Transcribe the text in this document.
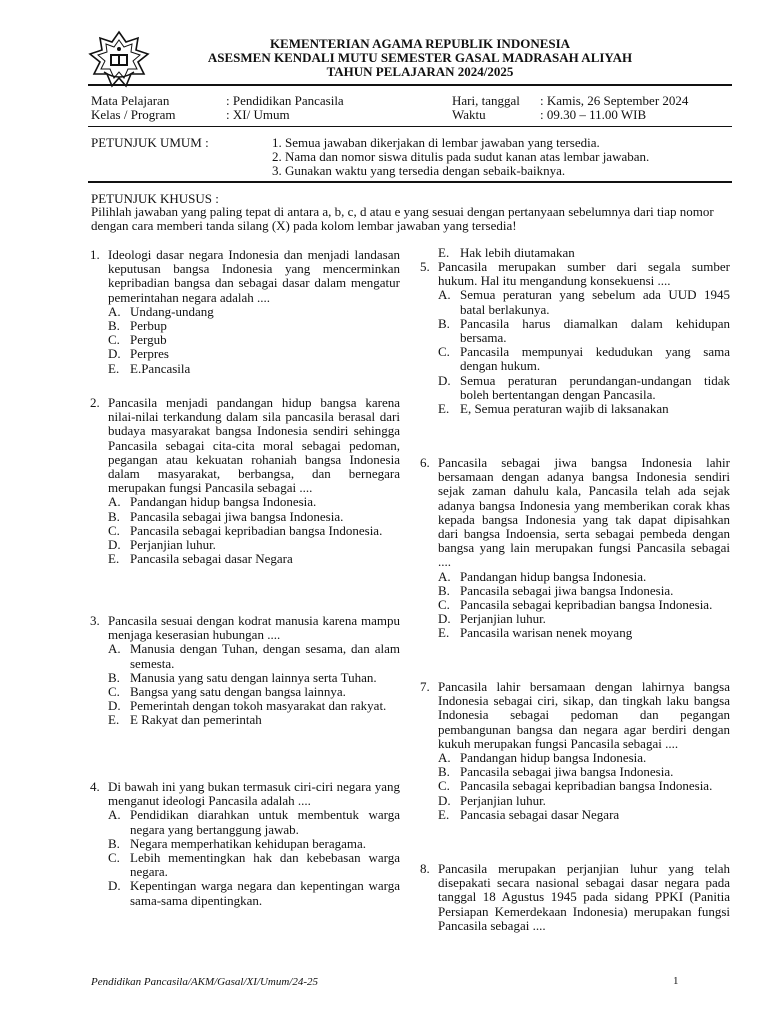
KEMENTERIAN AGAMA REPUBLIK INDONESIA
ASESMEN KENDALI MUTU SEMESTER GASAL MADRASAH ALIYAH
TAHUN PELAJARAN 2024/2025
Mata Pelajaran	: Pendidikan Pancasila
Kelas / Program	: XI/ Umum
Hari, tanggal : Kamis, 26 September 2024
Waktu	: 09.30 – 11.00 WIB
PETUNJUK UMUM :	1. Semua jawaban dikerjakan di lembar jawaban yang tersedia.
2. Nama dan nomor siswa ditulis pada sudut kanan atas lembar jawaban.
3. Gunakan waktu yang tersedia dengan sebaik-baiknya.
PETUNJUK KHUSUS :
Pilihlah jawaban yang paling tepat di antara a, b, c, d atau e yang sesuai dengan pertanyaan sebelumnya dari tiap nomor dengan cara memberi tanda silang (X) pada kolom lembar jawaban yang tersedia!
1. Ideologi dasar negara Indonesia dan menjadi landasan keputusan bangsa Indonesia yang mencerminkan kepribadian bangsa dan sebagai dasar dalam mengatur pemerintahan negara adalah ....
A. Undang-undang
B. Perbup
C. Pergub
D. Perpres
E. E.Pancasila
2. Pancasila menjadi pandangan hidup bangsa karena nilai-nilai terkandung dalam sila pancasila berasal dari budaya masyarakat bangsa Indonesia sendiri sehingga Pancasila sebagai cita-cita moral sebagai pedoman, pegangan atau kekuatan rohaniah bangsa Indonesia dalam masyarakat, berbangsa, dan bernegara merupakan fungsi Pancasila sebagai ....
A. Pandangan hidup bangsa Indonesia.
B. Pancasila sebagai jiwa bangsa Indonesia.
C. Pancasila sebagai kepribadian bangsa Indonesia.
D. Perjanjian luhur.
E. Pancasila sebagai dasar Negara
3. Pancasila sesuai dengan kodrat manusia karena mampu menjaga keserasian hubungan ....
A. Manusia dengan Tuhan, dengan sesama, dan alam semesta.
B. Manusia yang satu dengan lainnya serta Tuhan.
C. Bangsa yang satu dengan bangsa lainnya.
D. Pemerintah dengan tokoh masyarakat dan rakyat.
E. E Rakyat dan pemerintah
4. Di bawah ini yang bukan termasuk ciri-ciri negara yang menganut ideologi Pancasila adalah ....
A. Pendidikan diarahkan untuk membentuk warga negara yang bertanggung jawab.
B. Negara memperhatikan kehidupan beragama.
C. Lebih mementingkan hak dan kebebasan warga negara.
D. Kepentingan warga negara dan kepentingan warga sama-sama dipentingkan.
E. Hak lebih diutamakan
5. Pancasila merupakan sumber dari segala sumber hukum. Hal itu mengandung konsekuensi ....
A. Semua peraturan yang sebelum ada UUD 1945 batal berlakunya.
B. Pancasila harus diamalkan dalam kehidupan bersama.
C. Pancasila mempunyai kedudukan yang sama dengan hukum.
D. Semua peraturan perundangan-undangan tidak boleh bertentangan dengan Pancasila.
E. E, Semua peraturan wajib di laksanakan
6. Pancasila sebagai jiwa bangsa Indonesia lahir bersamaan dengan adanya bangsa Indonesia sendiri sejak zaman dahulu kala, Pancasila telah ada sejak adanya bangsa Indonesia yang memberikan corak khas kepada bangsa Indonesia yang tak dapat dipisahkan dari bangsa Indoensia, serta sebagai pembeda dengan bangsa yang lain merupakan fungsi Pancasila sebagai ....
A. Pandangan hidup bangsa Indonesia.
B. Pancasila sebagai jiwa bangsa Indonesia.
C. Pancasila sebagai kepribadian bangsa Indonesia.
D. Perjanjian luhur.
E. Pancasila warisan nenek moyang
7. Pancasila lahir bersamaan dengan lahirnya bangsa Indonesia sebagai ciri, sikap, dan tingkah laku bangsa Indonesia sebagai pedoman dan pegangan pembangunan bangsa dan negara agar berdiri dengan kukuh merupakan fungsi Pancasila sebagai ....
A. Pandangan hidup bangsa Indonesia.
B. Pancasila sebagai jiwa bangsa Indonesia.
C. Pancasila sebagai kepribadian bangsa Indonesia.
D. Perjanjian luhur.
E. Pancasia sebagai dasar Negara
8. Pancasila merupakan perjanjian luhur yang telah disepakati secara nasional sebagai dasar negara pada tanggal 18 Agustus 1945 pada sidang PPKI (Panitia Persiapan Kemerdekaan Indonesia) merupakan fungsi Pancasila sebagai ....
Pendidikan Pancasila/AKM/Gasal/XI/Umum/24-25	1
